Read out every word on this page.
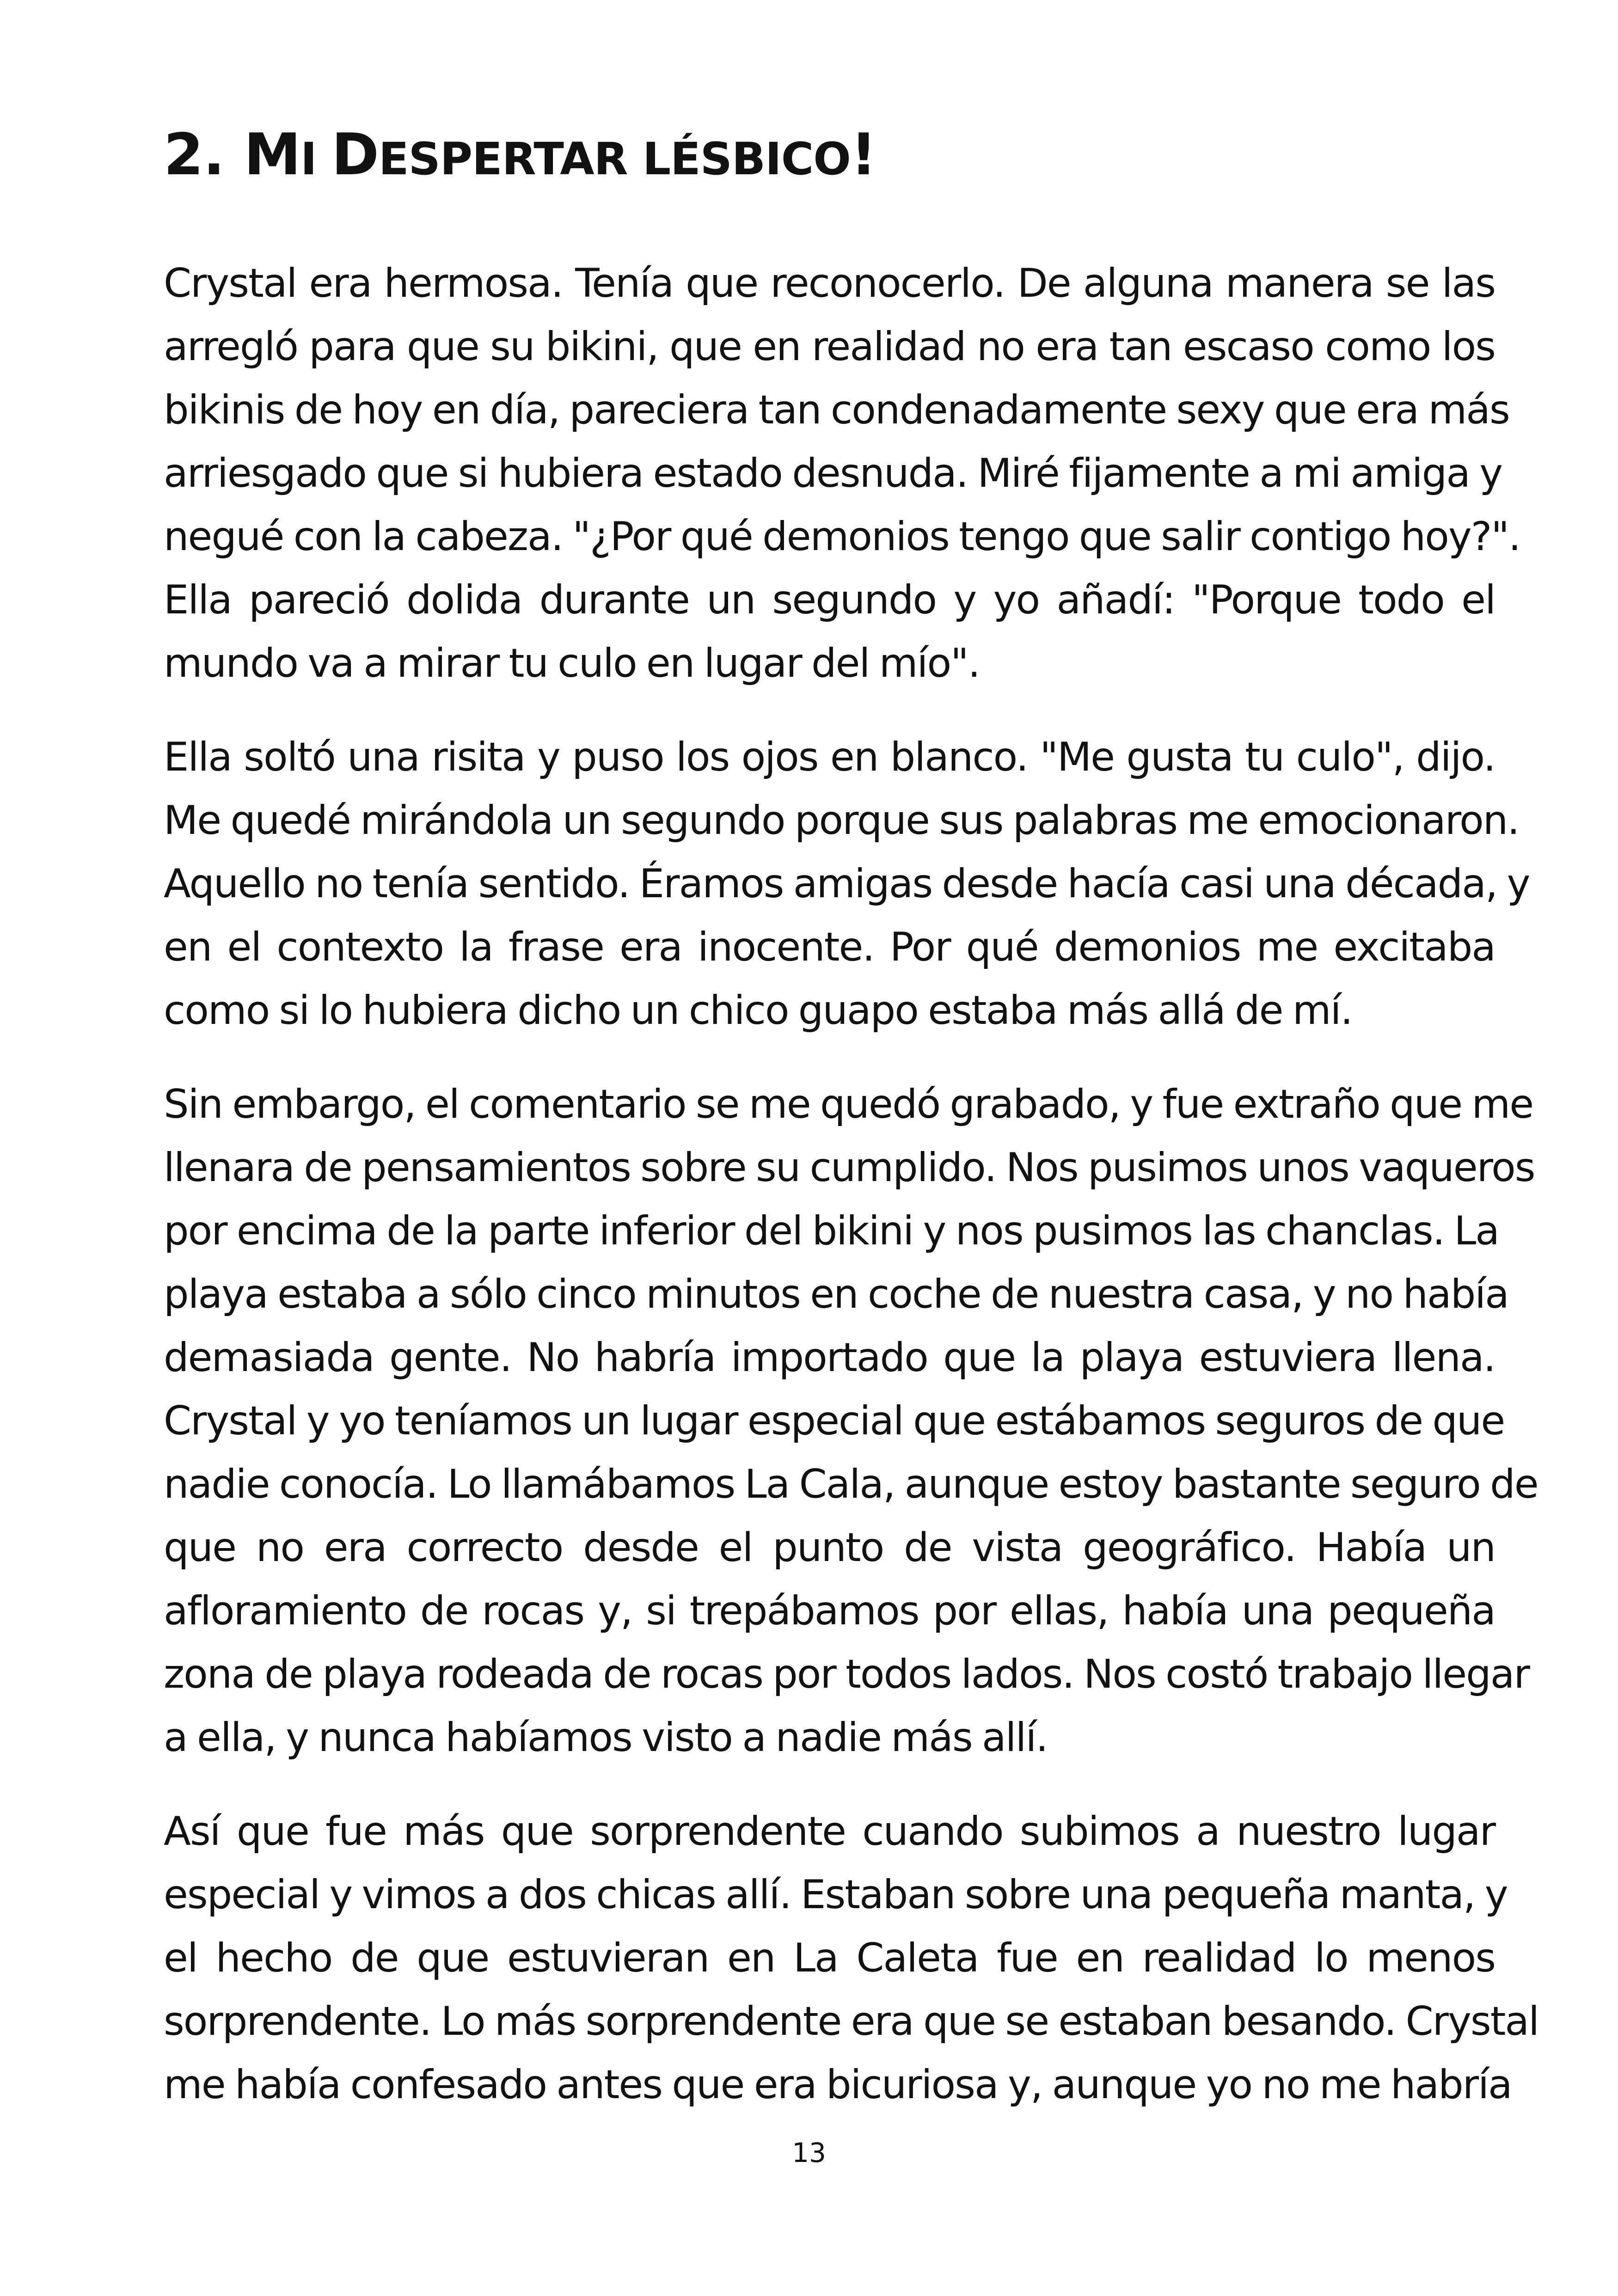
2. MI DESPERTAR LÉSBICO!

Crystal era hermosa. Tenía que reconocerlo. De alguna manera se las
arregló para que su bikini, que en realidad no era tan escaso como los
bikinis de hoy en día, pareciera tan condenadamente sexy que era más
arriesgado que si hubiera estado desnuda. Miré fijamente a mi amiga y
negué con la cabeza. "¿Por qué demonios tengo que salir contigo hoy?".
Ella pareció dolida durante un segundo y yo añadí: "Porque todo el
mundo va a mirar tu culo en lugar del mío".

Ella soltó una risita y puso los ojos en blanco. "Me gusta tu culo", dijo.
Me quedé mirándola un segundo porque sus palabras me emocionaron.
Aquello no tenía sentido. Éramos amigas desde hacía casi una década, y
en el contexto la frase era inocente. Por qué demonios me excitaba
como si lo hubiera dicho un chico guapo estaba más allá de mí.

Sin embargo, el comentario se me quedó grabado, y fue extraño que me
llenara de pensamientos sobre su cumplido. Nos pusimos unos vaqueros
por encima de la parte inferior del bikini y nos pusimos las chanclas. La
playa estaba a sólo cinco minutos en coche de nuestra casa, y no había
demasiada gente. No habría importado que la playa estuviera llena.
Crystal y yo teníamos un lugar especial que estábamos seguros de que
nadie conocía. Lo llamábamos La Cala, aunque estoy bastante seguro de
que no era correcto desde el punto de vista geográfico. Había un
afloramiento de rocas y, si trepábamos por ellas, había una pequeña
zona de playa rodeada de rocas por todos lados. Nos costó trabajo llegar
a ella, y nunca habíamos visto a nadie más allí.

Así que fue más que sorprendente cuando subimos a nuestro lugar
especial y vimos a dos chicas allí. Estaban sobre una pequeña manta, y
el hecho de que estuvieran en La Caleta fue en realidad lo menos
sorprendente. Lo más sorprendente era que se estaban besando. Crystal
me había confesado antes que era bicuriosa y, aunque yo no me habría

13
